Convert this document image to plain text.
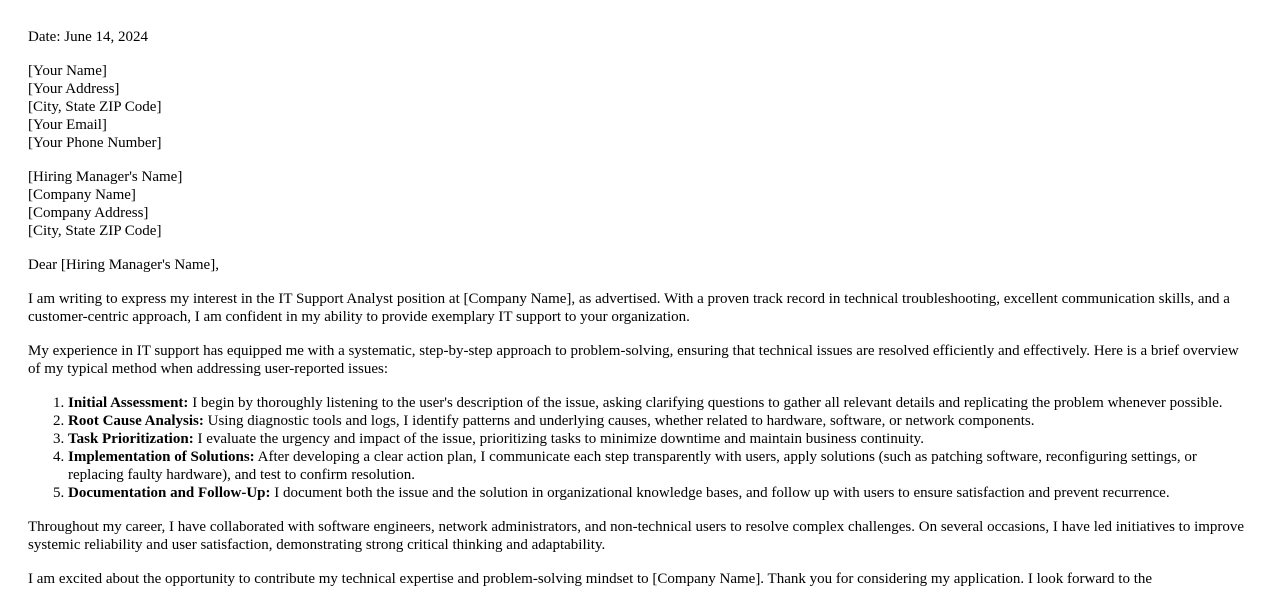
Date: June 14, 2024

[Your Name]
[Your Address]
[City, State ZIP Code]
[Your Email]
[Your Phone Number]
[Hiring Manager's Name]
[Company Name]
[Company Address]
[City, State ZIP Code]

Dear [Hiring Manager's Name],

I am writing to express my interest in the IT Support Analyst position at [Company Name], as advertised. With a proven track record in technical troubleshooting, excellent communication skills, and a customer-centric approach, I am confident in my ability to provide exemplary IT support to your organization.

My experience in IT support has equipped me with a systematic, step-by-step approach to problem-solving, ensuring that technical issues are resolved efficiently and effectively. Here is a brief overview of my typical method when addressing user-reported issues:

1. Initial Assessment: I begin by thoroughly listening to the user's description of the issue, asking clarifying questions to gather all relevant details and replicating the problem whenever possible.
2. Root Cause Analysis: Using diagnostic tools and logs, I identify patterns and underlying causes, whether related to hardware, software, or network components.
3. Task Prioritization: I evaluate the urgency and impact of the issue, prioritizing tasks to minimize downtime and maintain business continuity.
4. Implementation of Solutions: After developing a clear action plan, I communicate each step transparently with users, apply solutions (such as patching software, reconfiguring settings, or replacing faulty hardware), and test to confirm resolution.
5. Documentation and Follow-Up: I document both the issue and the solution in organizational knowledge bases, and follow up with users to ensure satisfaction and prevent recurrence.

Throughout my career, I have collaborated with software engineers, network administrators, and non-technical users to resolve complex challenges. On several occasions, I have led initiatives to improve systemic reliability and user satisfaction, demonstrating strong critical thinking and adaptability.

I am excited about the opportunity to contribute my technical expertise and problem-solving mindset to [Company Name]. Thank you for considering my application. I look forward to the
